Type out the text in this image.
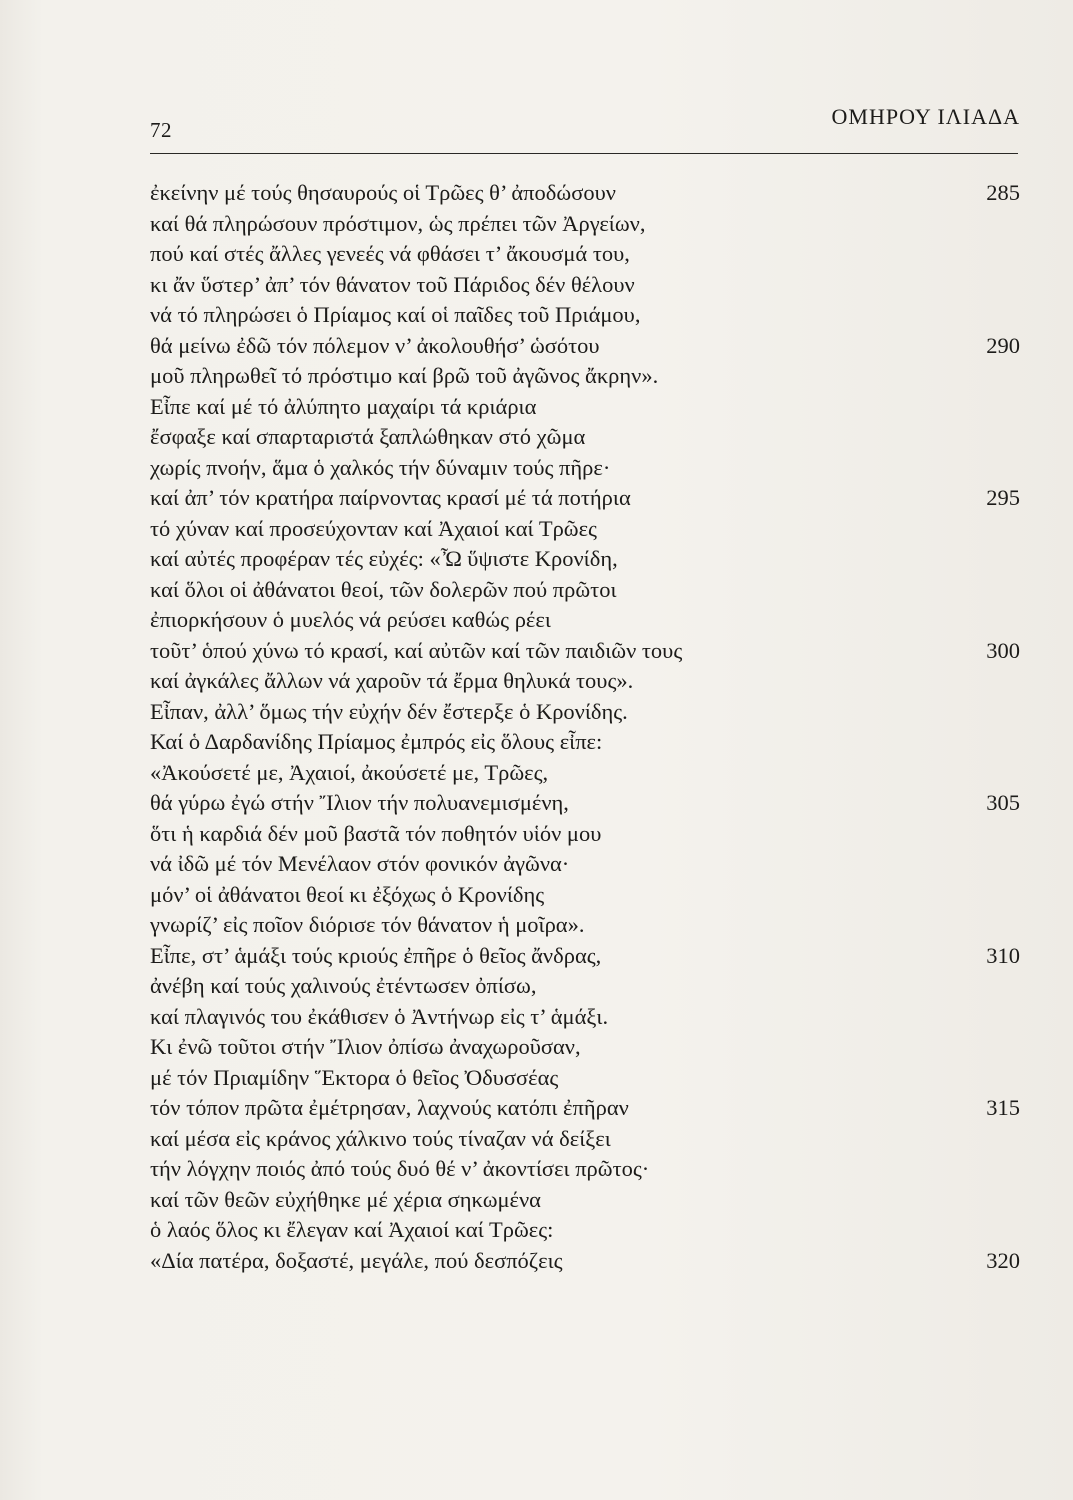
72
ΟΜΗΡΟΥ ΙΛΙΑΔΑ
ἐκείνην μέ τούς θησαυρούς οἱ Τρῶες θ’ ἀποδώσουν	285
καί θά πληρώσουν πρόστιμον, ὡς πρέπει τῶν Ἀργείων,
πού καί στές ἄλλες γενεές νά φθάσει τ’ ἄκουσμά του,
κι ἄν ὕστερ’ ἀπ’ τόν θάνατον τοῦ Πάριδος δέν θέλουν
νά τό πληρώσει ὁ Πρίαμος καί οἱ παῖδες τοῦ Πριάμου,
θά μείνω ἐδῶ τόν πόλεμον ν’ ἀκολουθήσ’ ὡσότου	290
μοῦ πληρωθεῖ τό πρόστιμο καί βρῶ τοῦ ἀγῶνος ἄκρην».
Εἶπε καί μέ τό ἀλύπητο μαχαίρι τά κριάρια
ἔσφαξε καί σπαρταριστά ξαπλώθηκαν στό χῶμα
χωρίς πνοήν, ἅμα ὁ χαλκός τήν δύναμιν τούς πῆρε·
καί ἀπ’ τόν κρατήρα παίρνοντας κρασί μέ τά ποτήρια	295
τό χύναν καί προσεύχονταν καί Ἀχαιοί καί Τρῶες
καί αὐτές προφέραν τές εὐχές: «Ὦ ὕψιστε Κρονίδη,
καί ὅλοι οἱ ἀθάνατοι θεοί, τῶν δολερῶν πού πρῶτοι
ἐπιορκήσουν ὁ μυελός νά ρεύσει καθώς ρέει
τοῦτ’ ὁπού χύνω τό κρασί, καί αὐτῶν καί τῶν παιδιῶν τους	300
καί ἀγκάλες ἄλλων νά χαροῦν τά ἔρμα θηλυκά τους».
Εἶπαν, ἀλλ’ ὅμως τήν εὐχήν δέν ἔστερξε ὁ Κρονίδης.
Καί ὁ Δαρδανίδης Πρίαμος ἐμπρός εἰς ὅλους εἶπε:
«Ἀκούσετέ με, Ἀχαιοί, ἀκούσετέ με, Τρῶες,
θά γύρω ἐγώ στήν Ἴλιον τήν πολυανεμισμένη,	305
ὅτι ἡ καρδιά δέν μοῦ βαστᾶ τόν ποθητόν υἱόν μου
νά ἰδῶ μέ τόν Μενέλαον στόν φονικόν ἀγῶνα·
μόν’ οἱ ἀθάνατοι θεοί κι ἐξόχως ὁ Κρονίδης
γνωρίζ’ εἰς ποῖον διόρισε τόν θάνατον ἡ μοῖρα».
Εἶπε, στ’ ἁμάξι τούς κριούς ἐπῆρε ὁ θεῖος ἄνδρας,	310
ἀνέβη καί τούς χαλινούς ἐτέντωσεν ὀπίσω,
καί πλαγινός του ἐκάθισεν ὁ Ἀντήνωρ εἰς τ’ ἁμάξι.
Κι ἐνῶ τοῦτοι στήν Ἴλιον ὀπίσω ἀναχωροῦσαν,
μέ τόν Πριαμίδην Ἕκτορα ὁ θεῖος Ὀδυσσέας
τόν τόπον πρῶτα ἐμέτρησαν, λαχνούς κατόπι ἐπῆραν	315
καί μέσα εἰς κράνος χάλκινο τούς τίναζαν νά δείξει
τήν λόγχην ποιός ἀπό τούς δυό θέ ν’ ἀκοντίσει πρῶτος·
καί τῶν θεῶν εὐχήθηκε μέ χέρια σηκωμένα
ὁ λαός ὅλος κι ἔλεγαν καί Ἀχαιοί καί Τρῶες:
«Δία πατέρα, δοξαστέ, μεγάλε, πού δεσπόζεις	320
